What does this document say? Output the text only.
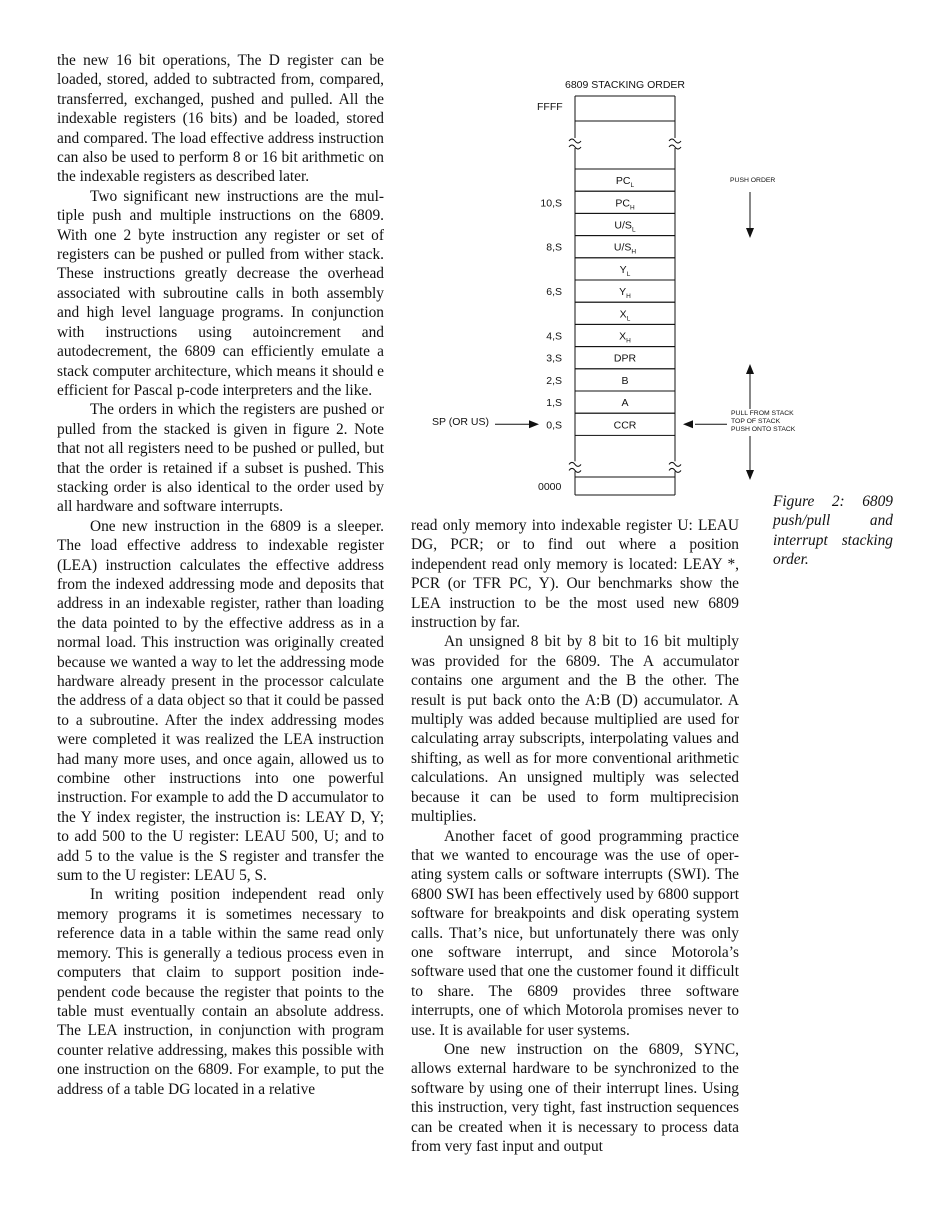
the new 16 bit operations, The D register can be loaded, stored, added to subtracted from, compared, transferred, exchanged, pushed and pulled. All the indexable registers (16 bits) and be loaded, stored and compared. The load effective address instruction can also be used to perform 8 or 16 bit arithmetic on the indexable registers as described later.

Two significant new instructions are the multiple push and multiple instructions on the 6809. With one 2 byte instruction any register or set of registers can be pushed or pulled from wither stack. These instructions greatly decrease the overhead associated with subroutine calls in both assembly and high level language programs. In conjunction with instructions using autoincrement and autodecrement, the 6809 can efficiently emulate a stack computer architecture, which means it should e efficient for Pascal p-code interpreters and the like.

The orders in which the registers are pushed or pulled from the stacked is given in figure 2. Note that not all registers need to be pushed or pulled, but that the order is retained if a subset is pushed. This stacking order is also identical to the order used by all hardware and software interrupts.

One new instruction in the 6809 is a sleeper. The load effective address to indexable register (LEA) instruction calculates the effective address from the indexed addressing mode and deposits that address in an indexable register, rather than loading the data pointed to by the effective address as in a normal load. This instruction was originally created because we wanted a way to let the addressing mode hardware already present in the processor calculate the address of a data object so that it could be passed to a subroutine. After the index addressing modes were completed it was realized the LEA instruction had many more uses, and once again, allowed us to combine other instructions into one powerful instruction. For example to add the D accumulator to the Y index register, the instruction is: LEAY D, Y; to add 500 to the U register: LEAU 500, U; and to add 5 to the value is the S register and transfer the sum to the U register: LEAU 5, S.

In writing position independent read only memory programs it is sometimes necessary to reference data in a table within the same read only memory. This is generally a tedious process even in computers that claim to support position independent code because the register that points to the table must eventually contain an absolute address. The LEA instruction, in conjunction with program counter relative addressing, makes this possible with one instruction on the 6809. For example, to put the address of a table DG located in a relative

6809 STACKING ORDER
FFFF
0000
$PC_L$
$PC_H$
10,S
$U/S_L$
$U/S_H$
8,S
$Y_L$
$Y_H$
6,S
$X_L$
$X_H$
4,S
DPR
3,S
B
2,S
A
1,S
CCR
0,S
SP (OR US)
PUSH ORDER
PULL FROM STACK
TOP OF STACK
PUSH ONTO STACK

Figure 2: 6809 push/pull and interrupt stacking order.

read only memory into indexable register U: LEAU DG, PCR; or to find out where a position independent read only memory is located: LEAY *, PCR (or TFR PC, Y). Our benchmarks show the LEA instruction to be the most used new 6809 instruction by far.

An unsigned 8 bit by 8 bit to 16 bit multiply was provided for the 6809. The A accumulator contains one argument and the B the other. The result is put back onto the A:B (D) accumulator. A multiply was added because multiplied are used for calculating array subscripts, interpolating values and shifting, as well as for more conventional arithmetic calculations. An unsigned multiply was selected because it can be used to form multiprecision multiplies.

Another facet of good programming practice that we wanted to encourage was the use of operating system calls or software interrupts (SWI). The 6800 SWI has been effectively used by 6800 support software for breakpoints and disk operating system calls. That’s nice, but unfortunately there was only one software interrupt, and since Motorola’s software used that one the customer found it difficult to share. The 6809 provides three software interrupts, one of which Motorola promises never to use. It is available for user systems.

One new instruction on the 6809, SYNC, allows external hardware to be synchronized to the software by using one of their interrupt lines. Using this instruction, very tight, fast instruction sequences can be created when it is necessary to process data from very fast input and output
